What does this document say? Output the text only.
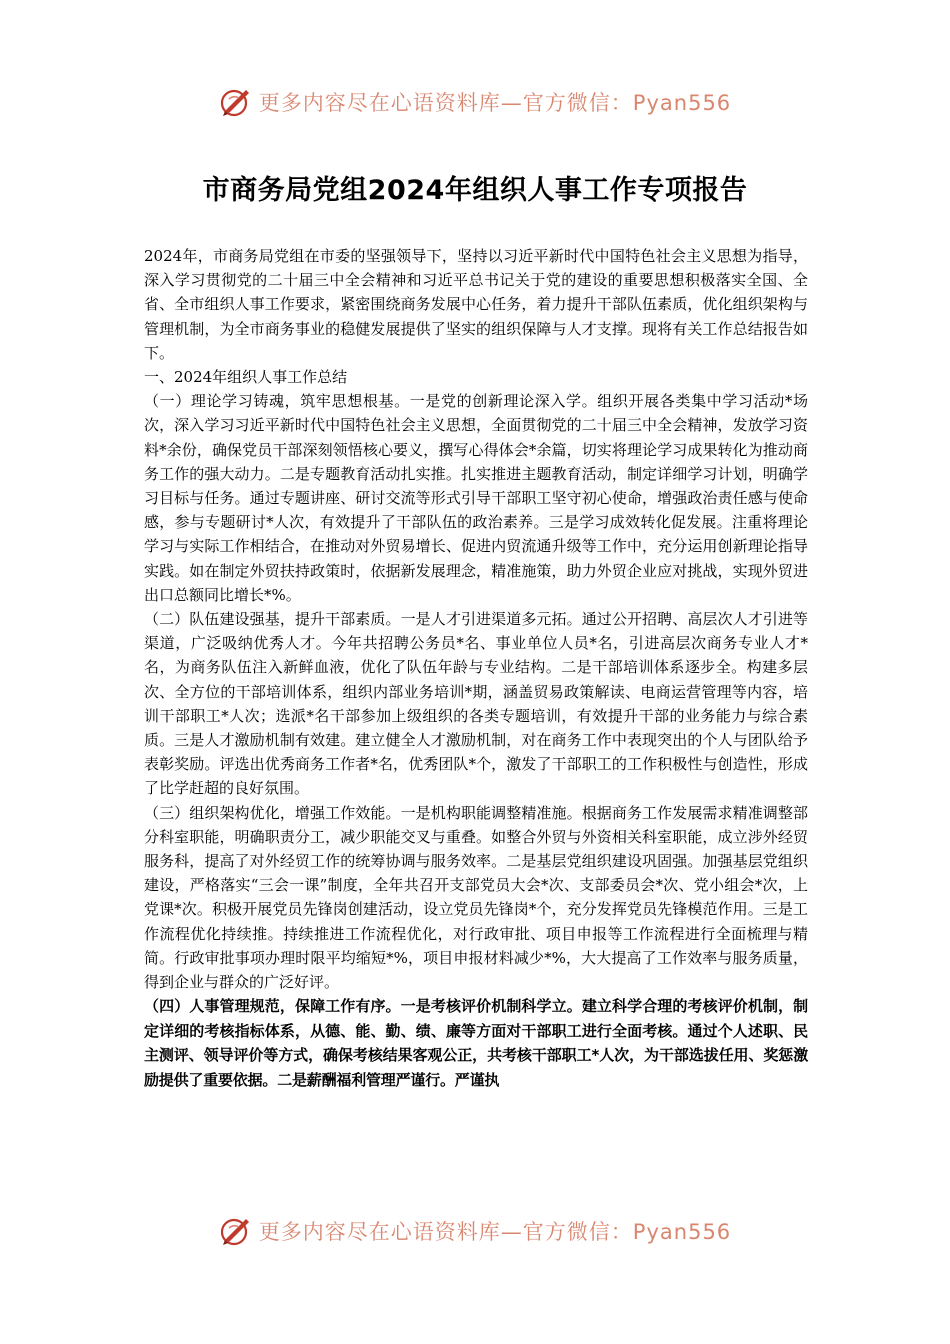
更多内容尽在心语资料库—官方微信：Pyan556
市商务局党组2024年组织人事工作专项报告

2024年，市商务局党组在市委的坚强领导下，坚持以习近平新时代中国特色社会主义思想为指导，深入学习贯彻党的二十届三中全会精神和习近平总书记关于党的建设的重要思想积极落实全国、全省、全市组织人事工作要求，紧密围绕商务发展中心任务，着力提升干部队伍素质，优化组织架构与管理机制，为全市商务事业的稳健发展提供了坚实的组织保障与人才支撑。现将有关工作总结报告如下。

一、2024年组织人事工作总结

（一）理论学习铸魂，筑牢思想根基。一是党的创新理论深入学。组织开展各类集中学习活动*场次，深入学习习近平新时代中国特色社会主义思想，全面贯彻党的二十届三中全会精神，发放学习资料*余份，确保党员干部深刻领悟核心要义，撰写心得体会*余篇，切实将理论学习成果转化为推动商务工作的强大动力。二是专题教育活动扎实推。扎实推进主题教育活动，制定详细学习计划，明确学习目标与任务。通过专题讲座、研讨交流等形式引导干部职工坚守初心使命，增强政治责任感与使命感，参与专题研讨*人次，有效提升了干部队伍的政治素养。三是学习成效转化促发展。注重将理论学习与实际工作相结合，在推动对外贸易增长、促进内贸流通升级等工作中，充分运用创新理论指导实践。如在制定外贸扶持政策时，依据新发展理念，精准施策，助力外贸企业应对挑战，实现外贸进出口总额同比增长*%。

（二）队伍建设强基，提升干部素质。一是人才引进渠道多元拓。通过公开招聘、高层次人才引进等渠道，广泛吸纳优秀人才。今年共招聘公务员*名、事业单位人员*名，引进高层次商务专业人才*名，为商务队伍注入新鲜血液，优化了队伍年龄与专业结构。二是干部培训体系逐步全。构建多层次、全方位的干部培训体系，组织内部业务培训*期，涵盖贸易政策解读、电商运营管理等内容，培训干部职工*人次；选派*名干部参加上级组织的各类专题培训，有效提升干部的业务能力与综合素质。三是人才激励机制有效建。建立健全人才激励机制，对在商务工作中表现突出的个人与团队给予表彰奖励。评选出优秀商务工作者*名，优秀团队*个，激发了干部职工的工作积极性与创造性，形成了比学赶超的良好氛围。

（三）组织架构优化，增强工作效能。一是机构职能调整精准施。根据商务工作发展需求精准调整部分科室职能，明确职责分工，减少职能交叉与重叠。如整合外贸与外资相关科室职能，成立涉外经贸服务科，提高了对外经贸工作的统筹协调与服务效率。二是基层党组织建设巩固强。加强基层党组织建设，严格落实“三会一课”制度，全年共召开支部党员大会*次、支部委员会*次、党小组会*次，上党课*次。积极开展党员先锋岗创建活动，设立党员先锋岗*个，充分发挥党员先锋模范作用。三是工作流程优化持续推。持续推进工作流程优化，对行政审批、项目申报等工作流程进行全面梳理与精简。行政审批事项办理时限平均缩短*%，项目申报材料减少*%，大大提高了工作效率与服务质量，得到企业与群众的广泛好评。

（四）人事管理规范，保障工作有序。一是考核评价机制科学立。建立科学合理的考核评价机制，制定详细的考核指标体系，从德、能、勤、绩、廉等方面对干部职工进行全面考核。通过个人述职、民主测评、领导评价等方式，确保考核结果客观公正，共考核干部职工*人次，为干部选拔任用、奖惩激励提供了重要依据。二是薪酬福利管理严谨行。严谨执

更多内容尽在心语资料库—官方微信：Pyan556
